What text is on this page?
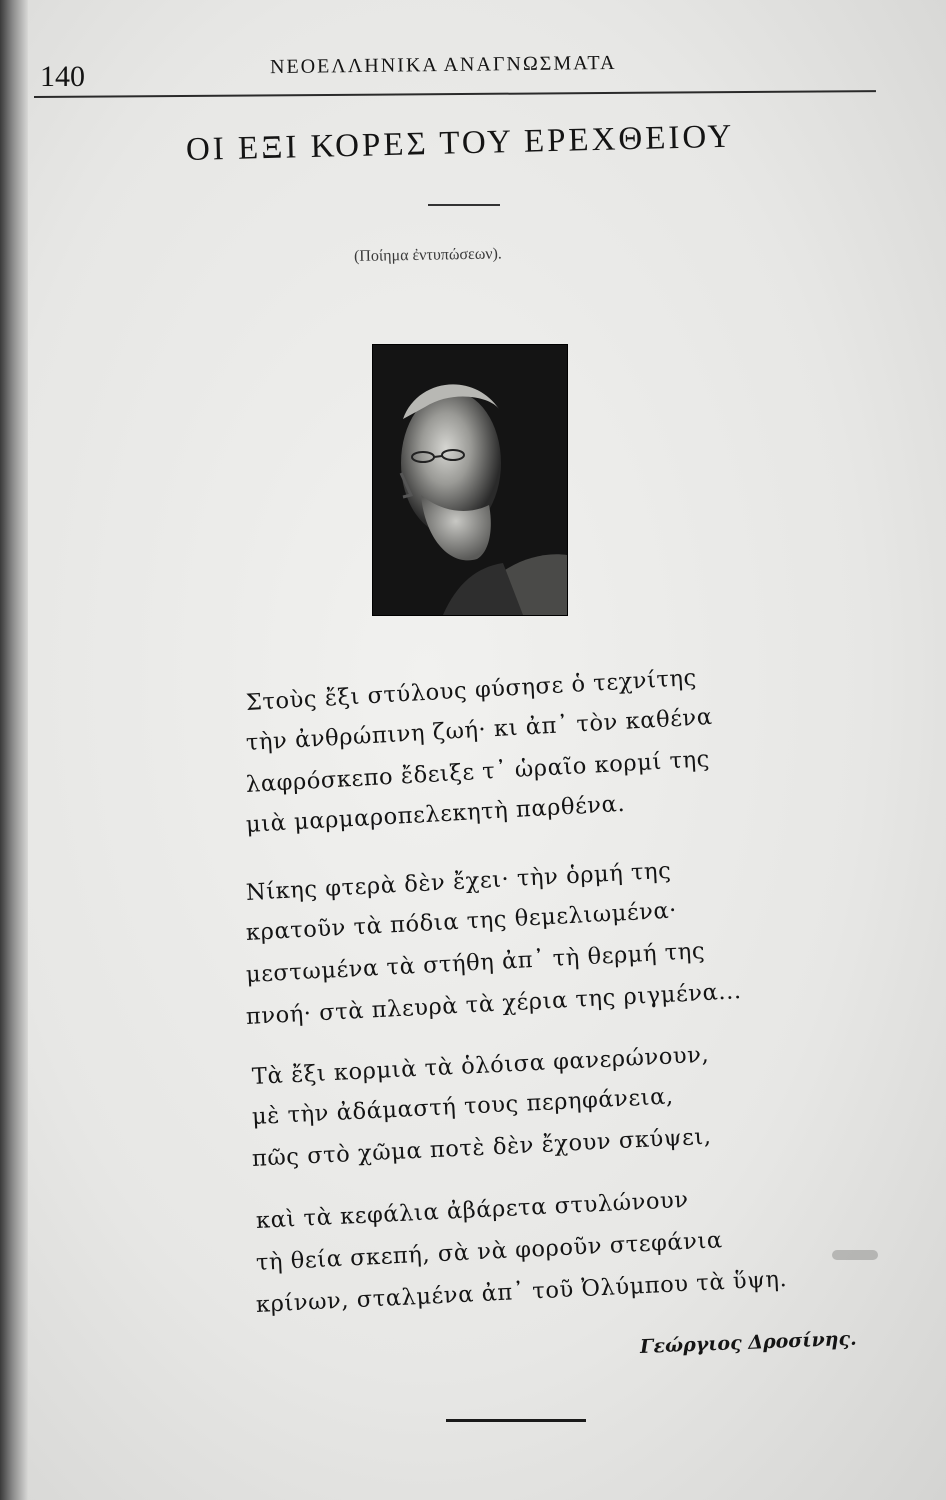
140	ΝΕΟΕΛΛΗΝΙΚΑ ΑΝΑΓΝΩΣΜΑΤΑ
ΟΙ ΕΞΙ ΚΟΡΕΣ ΤΟΥ ΕΡΕΧΘΕΙΟΥ
(Ποίημα ἐντυπώσεων).
Στοὺς ἔξι στύλους φύσησε ὁ τεχνίτης
τὴν ἀνθρώπινη ζωή· κι ἀπ᾽ τὸν καθένα
λαφρόσκεπο ἔδειξε τ᾽ ὡραῖο κορμί της
μιὰ μαρμαροπελεκητὴ παρθένα.
Νίκης φτερὰ δὲν ἔχει· τὴν ὁρμή της
κρατοῦν τὰ πόδια της θεμελιωμένα·
μεστωμένα τὰ στήθη ἀπ᾽ τὴ θερμή της
πνοή· στὰ πλευρὰ τὰ χέρια της ριγμένα...
Τὰ ἔξι κορμιὰ τὰ ὁλόισα φανερώνουν,
μὲ τὴν ἀδάμαστή τους περηφάνεια,
πῶς στὸ χῶμα ποτὲ δὲν ἔχουν σκύψει,
καὶ τὰ κεφάλια ἀβάρετα στυλώνουν
τὴ θεία σκεπή, σὰ νὰ φοροῦν στεφάνια
κρίνων, σταλμένα ἀπ᾽ τοῦ Ὀλύμπου τὰ ὕψη.
Γεώργιος Δροσίνης.
